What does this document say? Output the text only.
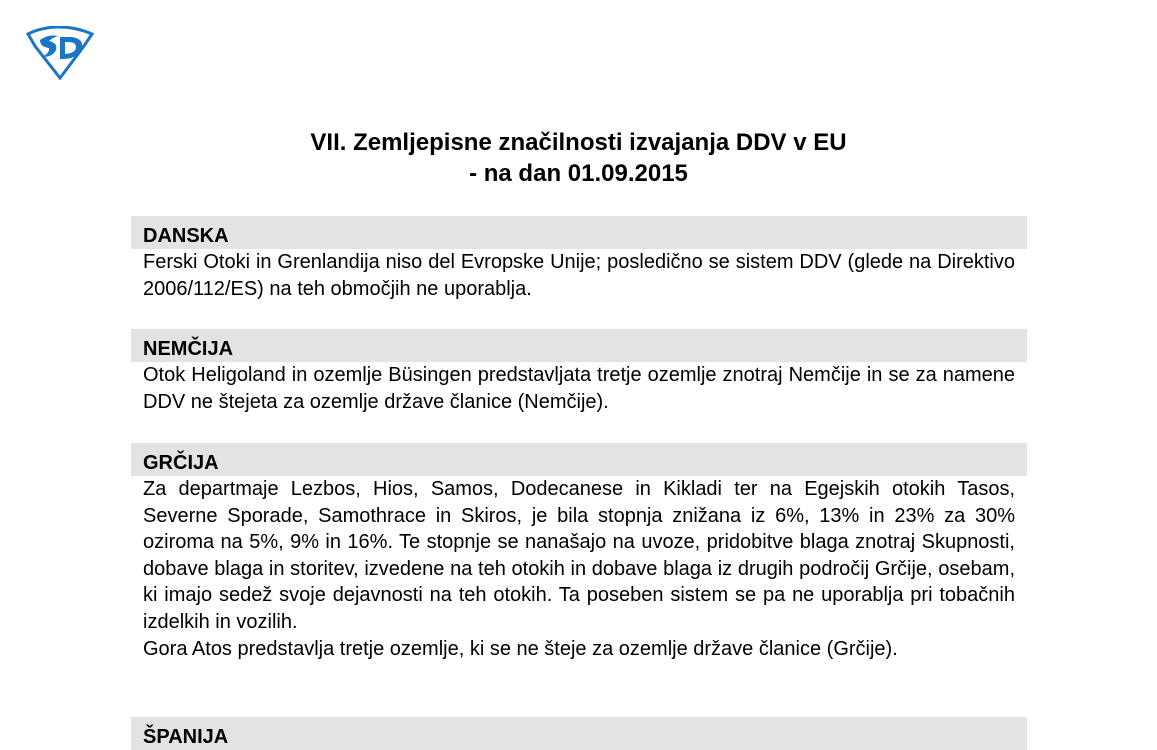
VII. Zemljepisne značilnosti izvajanja DDV v EU
- na dan 01.09.2015
DANSKA

Ferski Otoki in Grenlandija niso del Evropske Unije; posledično se sistem DDV (glede na Direktivo 2006/112/ES) na teh območjih ne uporablja.

NEMČIJA

Otok Heligoland in ozemlje Büsingen predstavljata tretje ozemlje znotraj Nemčije in se za namene DDV ne štejeta za ozemlje države članice (Nemčije).

GRČIJA

Za departmaje Lezbos, Hios, Samos, Dodecanese in Kikladi ter na Egejskih otokih Tasos, Severne Sporade, Samothrace in Skiros, je bila stopnja znižana iz 6%, 13% in 23% za 30% oziroma na 5%, 9% in 16%. Te stopnje se nanašajo na uvoze, pridobitve blaga znotraj Skupnosti, dobave blaga in storitev, izvedene na teh otokih in dobave blaga iz drugih področij Grčije, osebam, ki imajo sedež svoje dejavnosti na teh otokih. Ta poseben sistem se pa ne uporablja pri tobačnih izdelkih in vozilih.

Gora Atos predstavlja tretje ozemlje, ki se ne šteje za ozemlje države članice (Grčije).

ŠPANIJA
